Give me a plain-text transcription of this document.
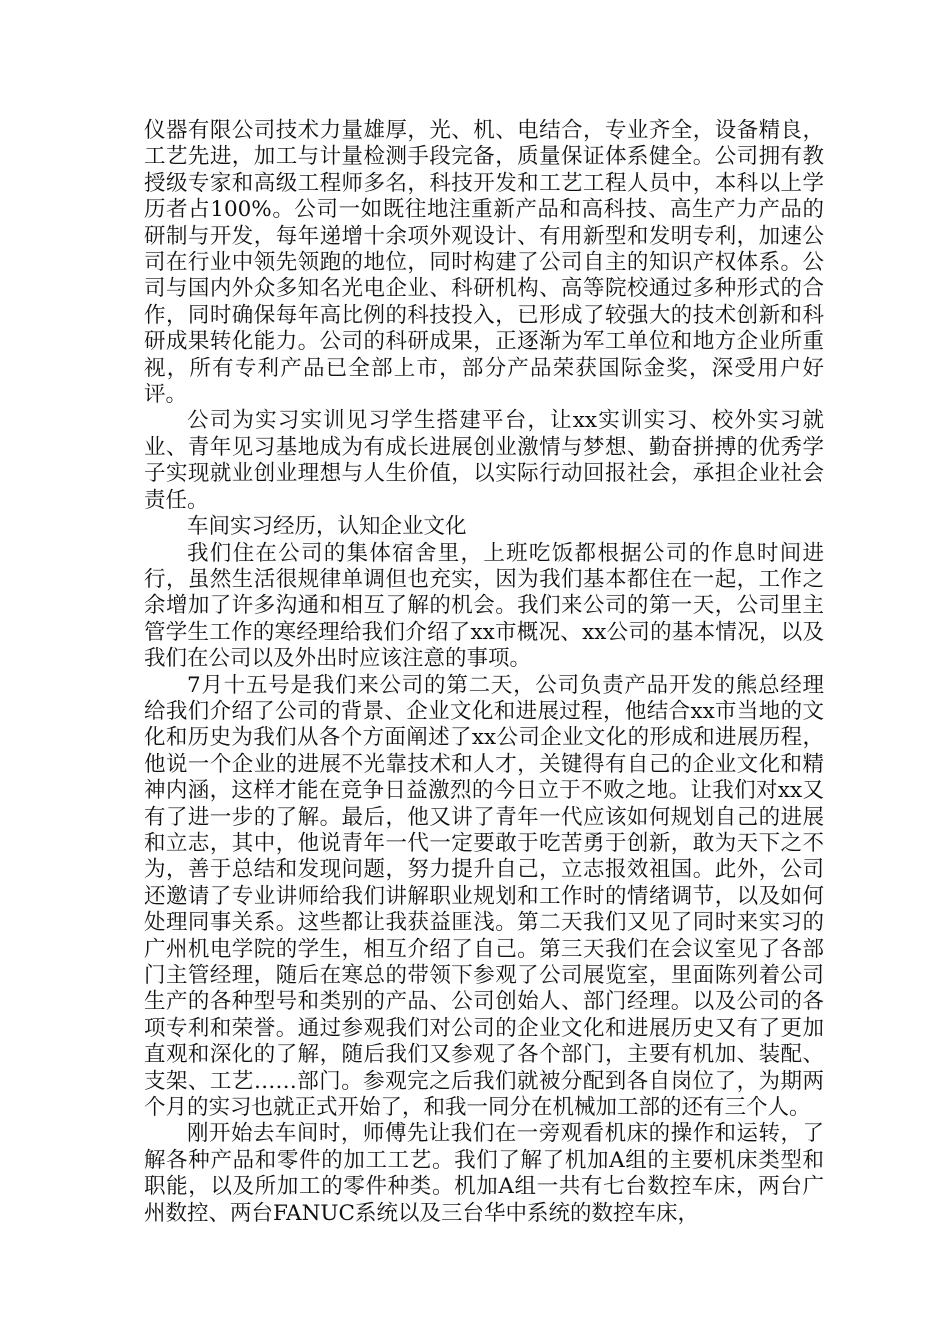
仪器有限公司技术力量雄厚，光、机、电结合，专业齐全，设备精良，工艺先进，加工与计量检测手段完备，质量保证体系健全。公司拥有教授级专家和高级工程师多名，科技开发和工艺工程人员中，本科以上学历者占100%。公司一如既往地注重新产品和高科技、高生产力产品的研制与开发，每年递增十余项外观设计、有用新型和发明专利，加速公司在行业中领先领跑的地位，同时构建了公司自主的知识产权体系。公司与国内外众多知名光电企业、科研机构、高等院校通过多种形式的合作，同时确保每年高比例的科技投入，已形成了较强大的技术创新和科研成果转化能力。公司的科研成果，正逐渐为军工单位和地方企业所重视，所有专利产品已全部上市，部分产品荣获国际金奖，深受用户好评。

公司为实习实训见习学生搭建平台，让xx实训实习、校外实习就业、青年见习基地成为有成长进展创业激情与梦想、勤奋拼搏的优秀学子实现就业创业理想与人生价值，以实际行动回报社会，承担企业社会责任。

车间实习经历，认知企业文化

我们住在公司的集体宿舍里，上班吃饭都根据公司的作息时间进行，虽然生活很规律单调但也充实，因为我们基本都住在一起，工作之余增加了许多沟通和相互了解的机会。我们来公司的第一天，公司里主管学生工作的寒经理给我们介绍了xx市概况、xx公司的基本情况，以及我们在公司以及外出时应该注意的事项。

7月十五号是我们来公司的第二天，公司负责产品开发的熊总经理给我们介绍了公司的背景、企业文化和进展过程，他结合xx市当地的文化和历史为我们从各个方面阐述了xx公司企业文化的形成和进展历程，他说一个企业的进展不光靠技术和人才，关键得有自己的企业文化和精神内涵，这样才能在竞争日益激烈的今日立于不败之地。让我们对xx又有了进一步的了解。最后，他又讲了青年一代应该如何规划自己的进展和立志，其中，他说青年一代一定要敢于吃苦勇于创新，敢为天下之不为，善于总结和发现问题，努力提升自己，立志报效祖国。此外，公司还邀请了专业讲师给我们讲解职业规划和工作时的情绪调节，以及如何处理同事关系。这些都让我获益匪浅。第二天我们又见了同时来实习的广州机电学院的学生，相互介绍了自己。第三天我们在会议室见了各部门主管经理，随后在寒总的带领下参观了公司展览室，里面陈列着公司生产的各种型号和类别的产品、公司创始人、部门经理。以及公司的各项专利和荣誉。通过参观我们对公司的企业文化和进展历史又有了更加直观和深化的了解，随后我们又参观了各个部门，主要有机加、装配、支架、工艺……部门。参观完之后我们就被分配到各自岗位了，为期两个月的实习也就正式开始了，和我一同分在机械加工部的还有三个人。

刚开始去车间时，师傅先让我们在一旁观看机床的操作和运转，了解各种产品和零件的加工工艺。我们了解了机加A组的主要机床类型和职能，以及所加工的零件种类。机加A组一共有七台数控车床，两台广州数控、两台FANUC系统以及三台华中系统的数控车床，
